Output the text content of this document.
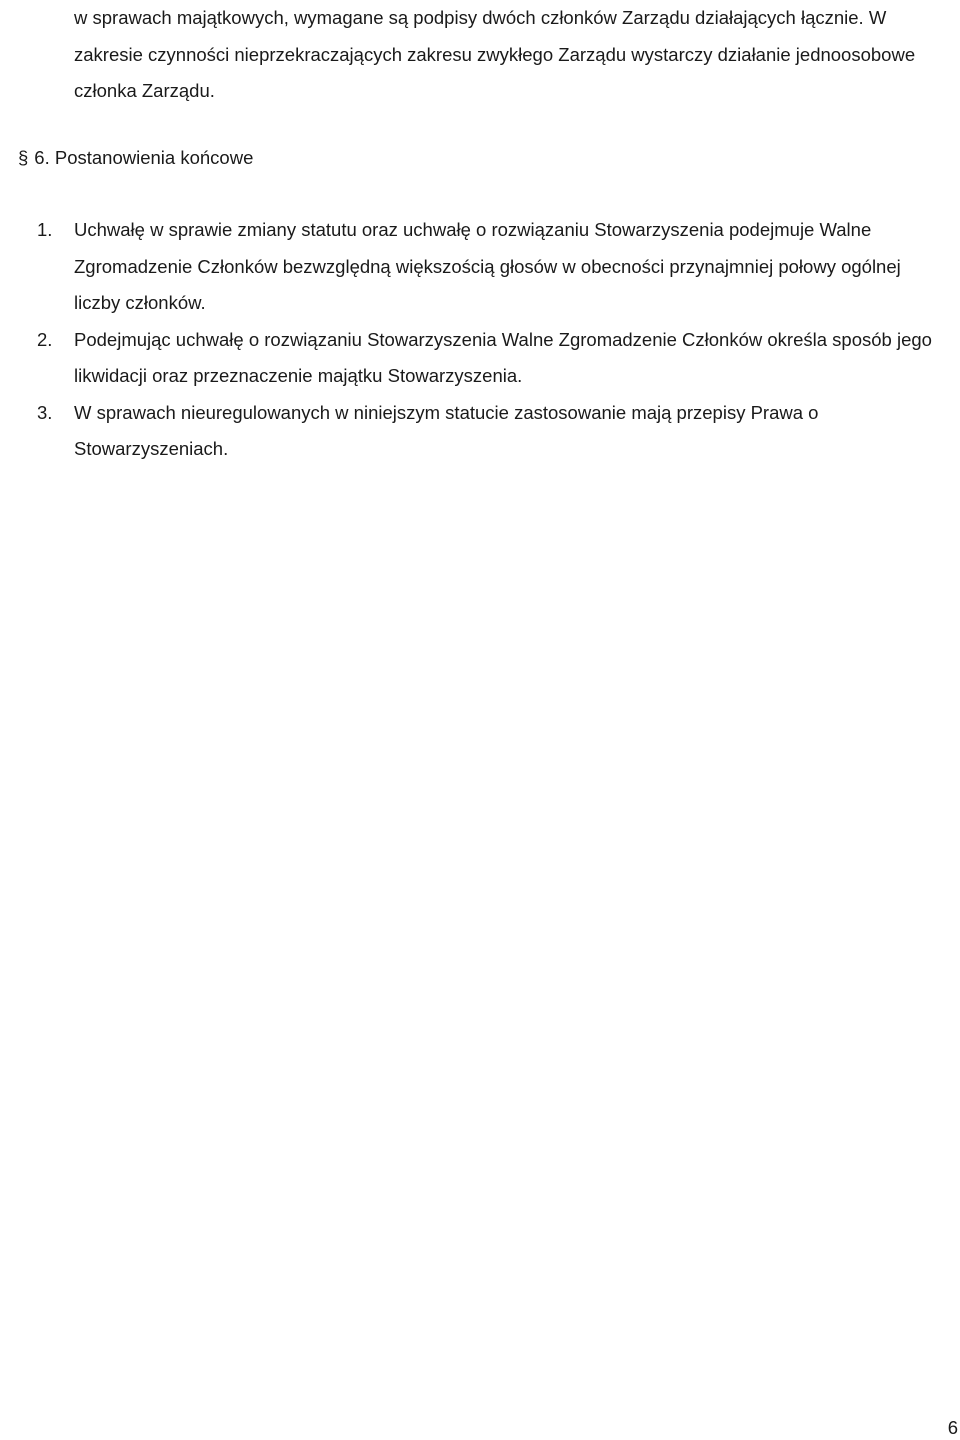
w sprawach majątkowych, wymagane są podpisy dwóch członków Zarządu działających łącznie. W zakresie czynności nieprzekraczających zakresu zwykłego Zarządu wystarczy działanie jednoosobowe członka Zarządu.

§ 6. Postanowienia końcowe
1. Uchwałę w sprawie zmiany statutu oraz uchwałę o rozwiązaniu Stowarzyszenia podejmuje Walne Zgromadzenie Członków bezwzględną większością głosów w obecności przynajmniej połowy ogólnej liczby członków.
2. Podejmując uchwałę o rozwiązaniu Stowarzyszenia Walne Zgromadzenie Członków określa sposób jego likwidacji oraz przeznaczenie majątku Stowarzyszenia.
3. W sprawach nieuregulowanych w niniejszym statucie zastosowanie mają przepisy Prawa o Stowarzyszeniach.
6
